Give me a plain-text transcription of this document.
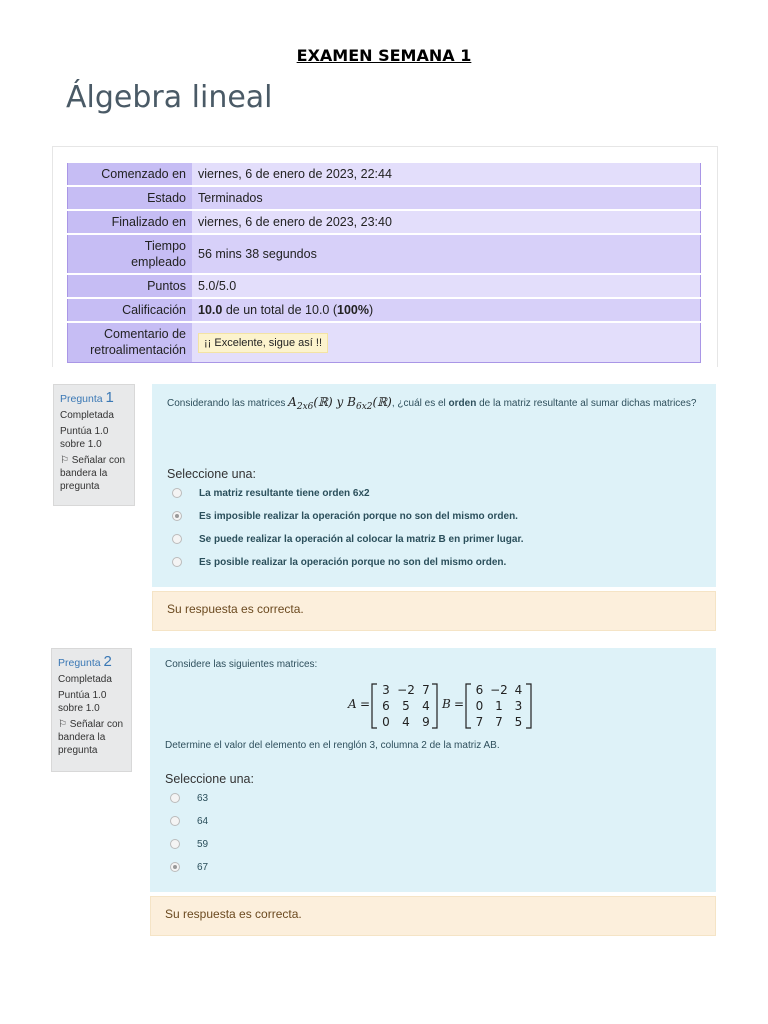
EXAMEN SEMANA 1
Álgebra lineal
Comenzado en	viernes, 6 de enero de 2023, 22:44
Estado	Terminados
Finalizado en	viernes, 6 de enero de 2023, 23:40
Tiempo empleado	56 mins 38 segundos
Puntos	5.0/5.0
Calificación	10.0 de un total de 10.0 (100%)
Comentario de retroalimentación	¡¡ Excelente, sigue así !!
Pregunta 1
Completada
Puntúa 1.0 sobre 1.0
⚐ Señalar con bandera la pregunta
Considerando las matrices $A_{2x6}(ℝ)$ y $B_{6x2}(ℝ)$, ¿cuál es el orden de la matriz resultante al sumar dichas matrices?
Seleccione una:
La matriz resultante tiene orden 6x2
Es imposible realizar la operación porque no son del mismo orden.
Se puede realizar la operación al colocar la matriz B en primer lugar.
Es posible realizar la operación porque no son del mismo orden.
Su respuesta es correcta.
Pregunta 2
Completada
Puntúa 1.0 sobre 1.0
⚐ Señalar con bandera la pregunta
Considere las siguientes matrices:
A =
3	−2	7
6	5	4
0	4	9
B =
6	−2	4
0	1	3
7	7	5
Determine el valor del elemento en el renglón 3, columna 2 de la matriz AB.
Seleccione una:
63
64
59
67
Su respuesta es correcta.
